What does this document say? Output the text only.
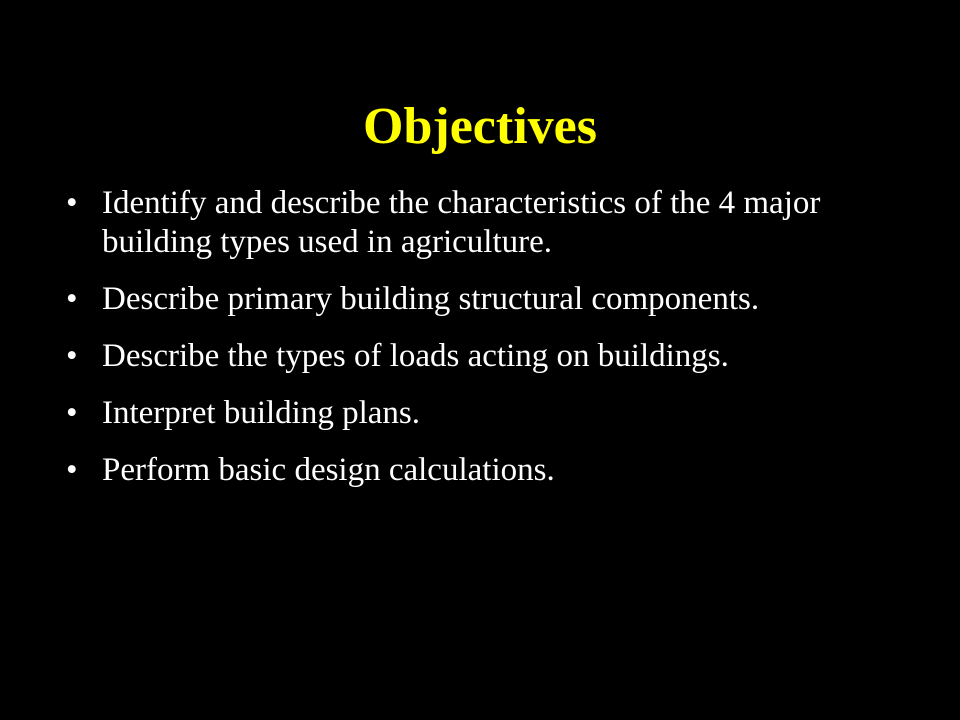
Objectives
• Identify and describe the characteristics of the 4 major building types used in agriculture.
• Describe primary building structural components.
• Describe the types of loads acting on buildings.
• Interpret building plans.
• Perform basic design calculations.
